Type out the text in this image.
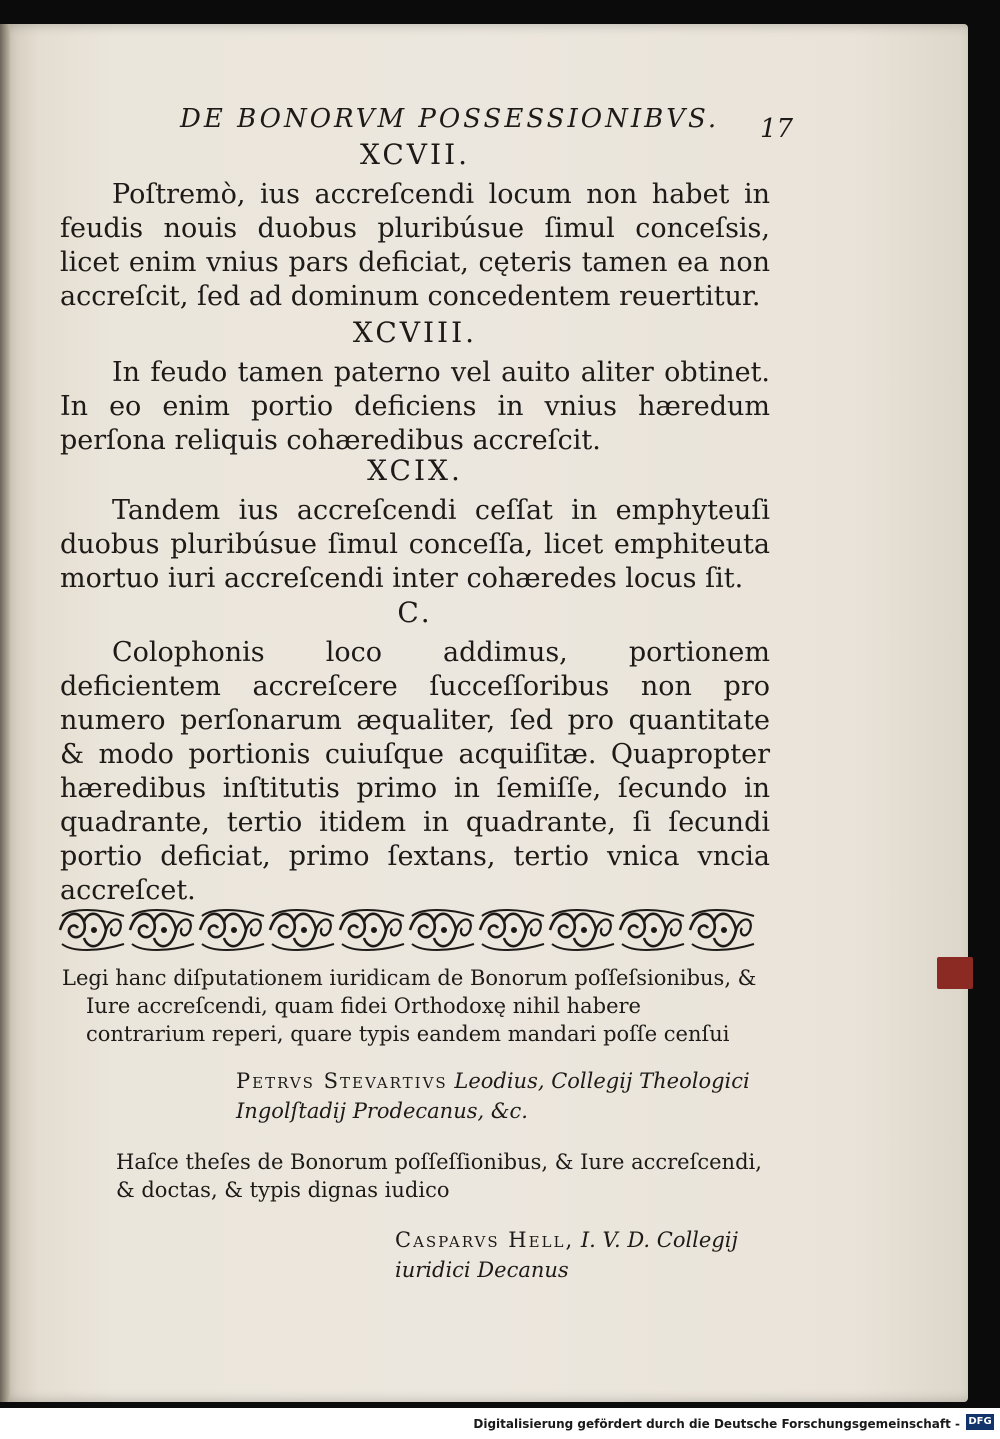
DE BONORVM POSSESSIONIBVS. 17
XCVII.

Poſtremò, ius accreſcendi locum non habet in feudis nouis duobus pluribúsue ſimul conceſsis, licet enim vnius pars deficiat, cęteris tamen ea non accreſcit, ſed ad dominum concedentem reuertitur.

XCVIII.

In feudo tamen paterno vel auito aliter obtinet. In eo enim portio deficiens in vnius hæredum perſona reliquis cohæredibus accreſcit.

XCIX.

Tandem ius accreſcendi ceſſat in emphyteuſi duobus pluribúsue ſimul conceſſa, licet emphiteuta mortuo iuri accreſcendi inter cohæredes locus ſit.

C.

Colophonis loco addimus, portionem deficientem accreſcere ſucceſſoribus non pro numero perſonarum æqualiter, ſed pro quantitate & modo portionis cuiuſque acquiſitæ. Quapropter hæredibus inſtitutis primo in ſemiſſe, ſecundo in quadrante, tertio itidem in quadrante, ſi ſecundi portio deficiat, primo ſextans, tertio vnica vncia accreſcet.

Legi hanc diſputationem iuridicam de Bonorum poſſeſsionibus, & Iure accreſcendi, quam fidei Orthodoxę nihil habere contrarium reperi, quare typis eandem mandari poſſe cenſui

Petrvs Stevartivs Leodius, Collegij Theologici Ingolſtadij Prodecanus, &c.

Haſce theſes de Bonorum poſſeſſionibus, & Iure accreſcendi, & doctas, & typis dignas iudico

Casparvs Hell, I. V. D. Collegij iuridici Decanus
Digitalisierung gefördert durch die Deutsche Forschungsgemeinschaft - DFG
